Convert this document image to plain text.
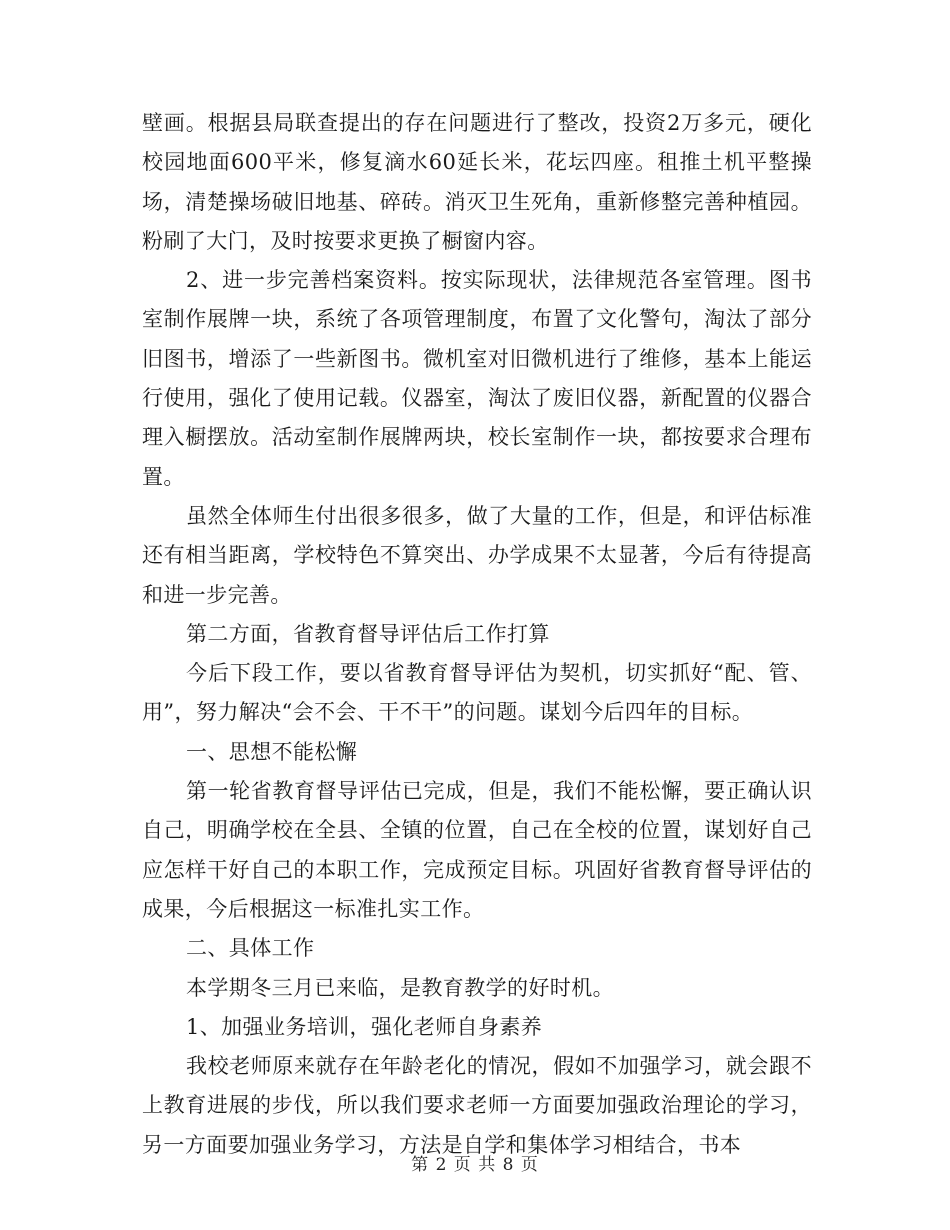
壁画。根据县局联查提出的存在问题进行了整改，投资2万多元，硬化校园地面600平米，修复滴水60延长米，花坛四座。租推土机平整操场，清楚操场破旧地基、碎砖。消灭卫生死角，重新修整完善种植园。粉刷了大门，及时按要求更换了橱窗内容。

2、进一步完善档案资料。按实际现状，法律规范各室管理。图书室制作展牌一块，系统了各项管理制度，布置了文化警句，淘汰了部分旧图书，增添了一些新图书。微机室对旧微机进行了维修，基本上能运行使用，强化了使用记载。仪器室，淘汰了废旧仪器，新配置的仪器合理入橱摆放。活动室制作展牌两块，校长室制作一块，都按要求合理布置。

虽然全体师生付出很多很多，做了大量的工作，但是，和评估标准还有相当距离，学校特色不算突出、办学成果不太显著，今后有待提高和进一步完善。

第二方面，省教育督导评估后工作打算

今后下段工作，要以省教育督导评估为契机，切实抓好“配、管、用”，努力解决“会不会、干不干”的问题。谋划今后四年的目标。

一、思想不能松懈

第一轮省教育督导评估已完成，但是，我们不能松懈，要正确认识自己，明确学校在全县、全镇的位置，自己在全校的位置，谋划好自己应怎样干好自己的本职工作，完成预定目标。巩固好省教育督导评估的成果，今后根据这一标准扎实工作。

二、具体工作

本学期冬三月已来临，是教育教学的好时机。

1、加强业务培训，强化老师自身素养

我校老师原来就存在年龄老化的情况，假如不加强学习，就会跟不上教育进展的步伐，所以我们要求老师一方面要加强政治理论的学习，另一方面要加强业务学习，方法是自学和集体学习相结合，书本

第 2 页 共 8 页
